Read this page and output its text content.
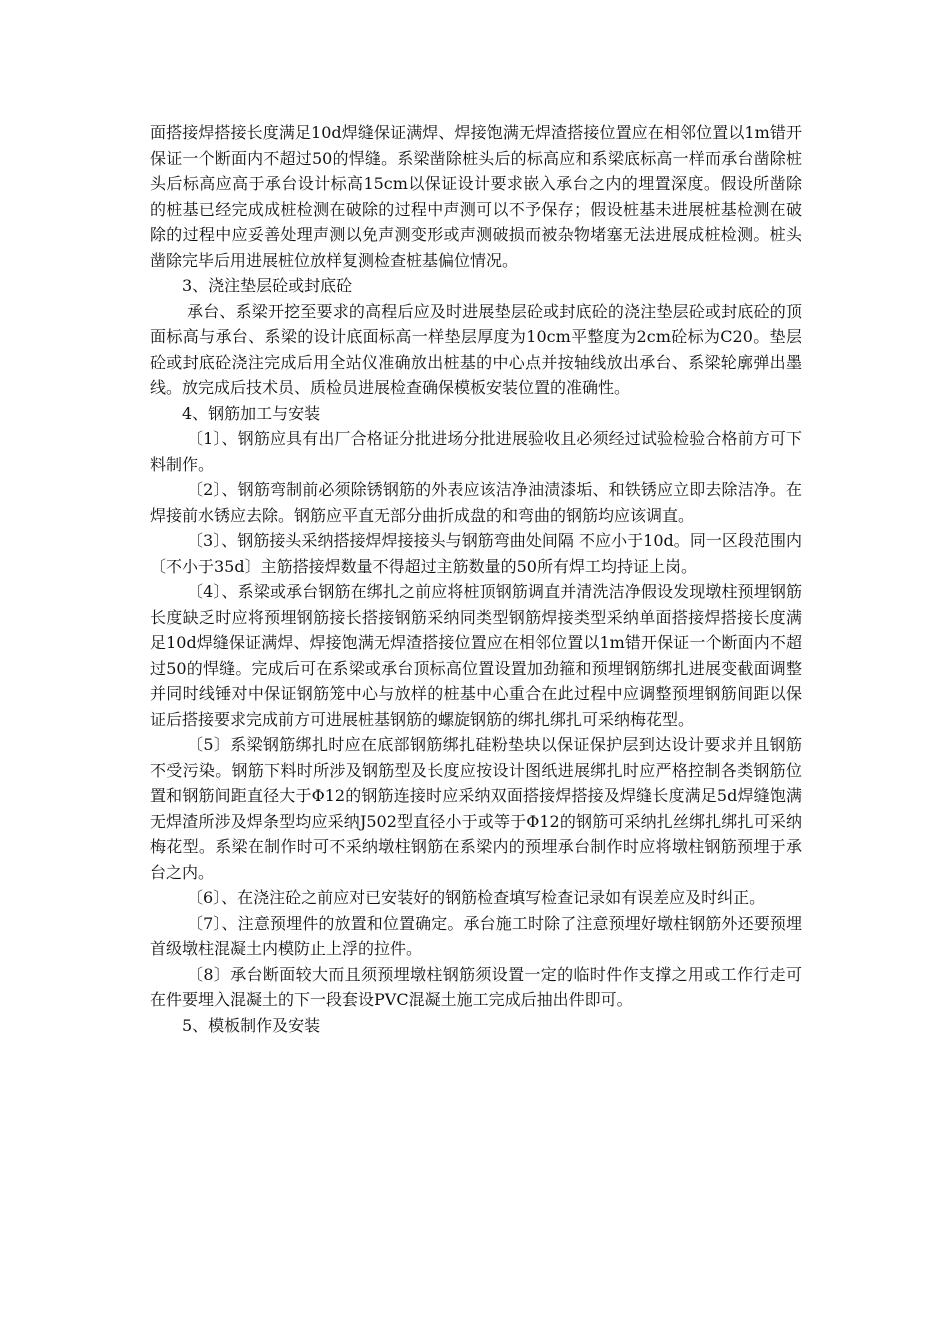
面搭接焊搭接长度满足10d焊缝保证满焊、焊接饱满无焊渣搭接位置应在相邻位置以1m错开保证一个断面内不超过50的悍缝。系梁凿除桩头后的标高应和系梁底标高一样而承台凿除桩头后标高应高于承台设计标高15cm以保证设计要求嵌入承台之内的埋置深度。假设所凿除的桩基已经完成成桩检测在破除的过程中声测可以不予保存；假设桩基未进展桩基检测在破除的过程中应妥善处理声测以免声测变形或声测破损而被杂物堵塞无法进展成桩检测。桩头凿除完毕后用进展桩位放样复测检查桩基偏位情况。

3、浇注垫层砼或封底砼

承台、系梁开挖至要求的高程后应及时进展垫层砼或封底砼的浇注垫层砼或封底砼的顶面标高与承台、系梁的设计底面标高一样垫层厚度为10cm平整度为2cm砼标为C20。垫层砼或封底砼浇注完成后用全站仪准确放出桩基的中心点并按轴线放出承台、系梁轮廓弹出墨线。放完成后技术员、质检员进展检查确保模板安装位置的准确性。

4、钢筋加工与安装

〔1〕、钢筋应具有出厂合格证分批进场分批进展验收且必须经过试验检验合格前方可下料制作。

〔2〕、钢筋弯制前必须除锈钢筋的外表应该洁净油渍漆垢、和铁锈应立即去除洁净。在焊接前水锈应去除。钢筋应平直无部分曲折成盘的和弯曲的钢筋均应该调直。

〔3〕、钢筋接头采纳搭接焊焊接接头与钢筋弯曲处间隔 不应小于10d。同一区段范围内〔不小于35d〕主筋搭接焊数量不得超过主筋数量的50所有焊工均持证上岗。

〔4〕、系梁或承台钢筋在绑扎之前应将桩顶钢筋调直并清洗洁净假设发现墩柱预埋钢筋长度缺乏时应将预埋钢筋接长搭接钢筋采纳同类型钢筋焊接类型采纳单面搭接焊搭接长度满足10d焊缝保证满焊、焊接饱满无焊渣搭接位置应在相邻位置以1m错开保证一个断面内不超过50的悍缝。完成后可在系梁或承台顶标高位置设置加劲箍和预埋钢筋绑扎进展变截面调整并同时线锤对中保证钢筋笼中心与放样的桩基中心重合在此过程中应调整预埋钢筋间距以保证后搭接要求完成前方可进展桩基钢筋的螺旋钢筋的绑扎绑扎可采纳梅花型。

〔5〕系梁钢筋绑扎时应在底部钢筋绑扎硅粉垫块以保证保护层到达设计要求并且钢筋不受污染。钢筋下料时所涉及钢筋型及长度应按设计图纸进展绑扎时应严格控制各类钢筋位置和钢筋间距直径大于Φ12的钢筋连接时应采纳双面搭接焊搭接及焊缝长度满足5d焊缝饱满无焊渣所涉及焊条型均应采纳J502型直径小于或等于Φ12的钢筋可采纳扎丝绑扎绑扎可采纳梅花型。系梁在制作时可不采纳墩柱钢筋在系梁内的预埋承台制作时应将墩柱钢筋预埋于承台之内。

〔6〕、在浇注砼之前应对已安装好的钢筋检查填写检查记录如有误差应及时纠正。

〔7〕、注意预埋件的放置和位置确定。承台施工时除了注意预埋好墩柱钢筋外还要预埋首级墩柱混凝土内模防止上浮的拉件。

〔8〕承台断面较大而且须预埋墩柱钢筋须设置一定的临时件作支撑之用或工作行走可在件要埋入混凝土的下一段套设PVC混凝土施工完成后抽出件即可。

5、模板制作及安装
